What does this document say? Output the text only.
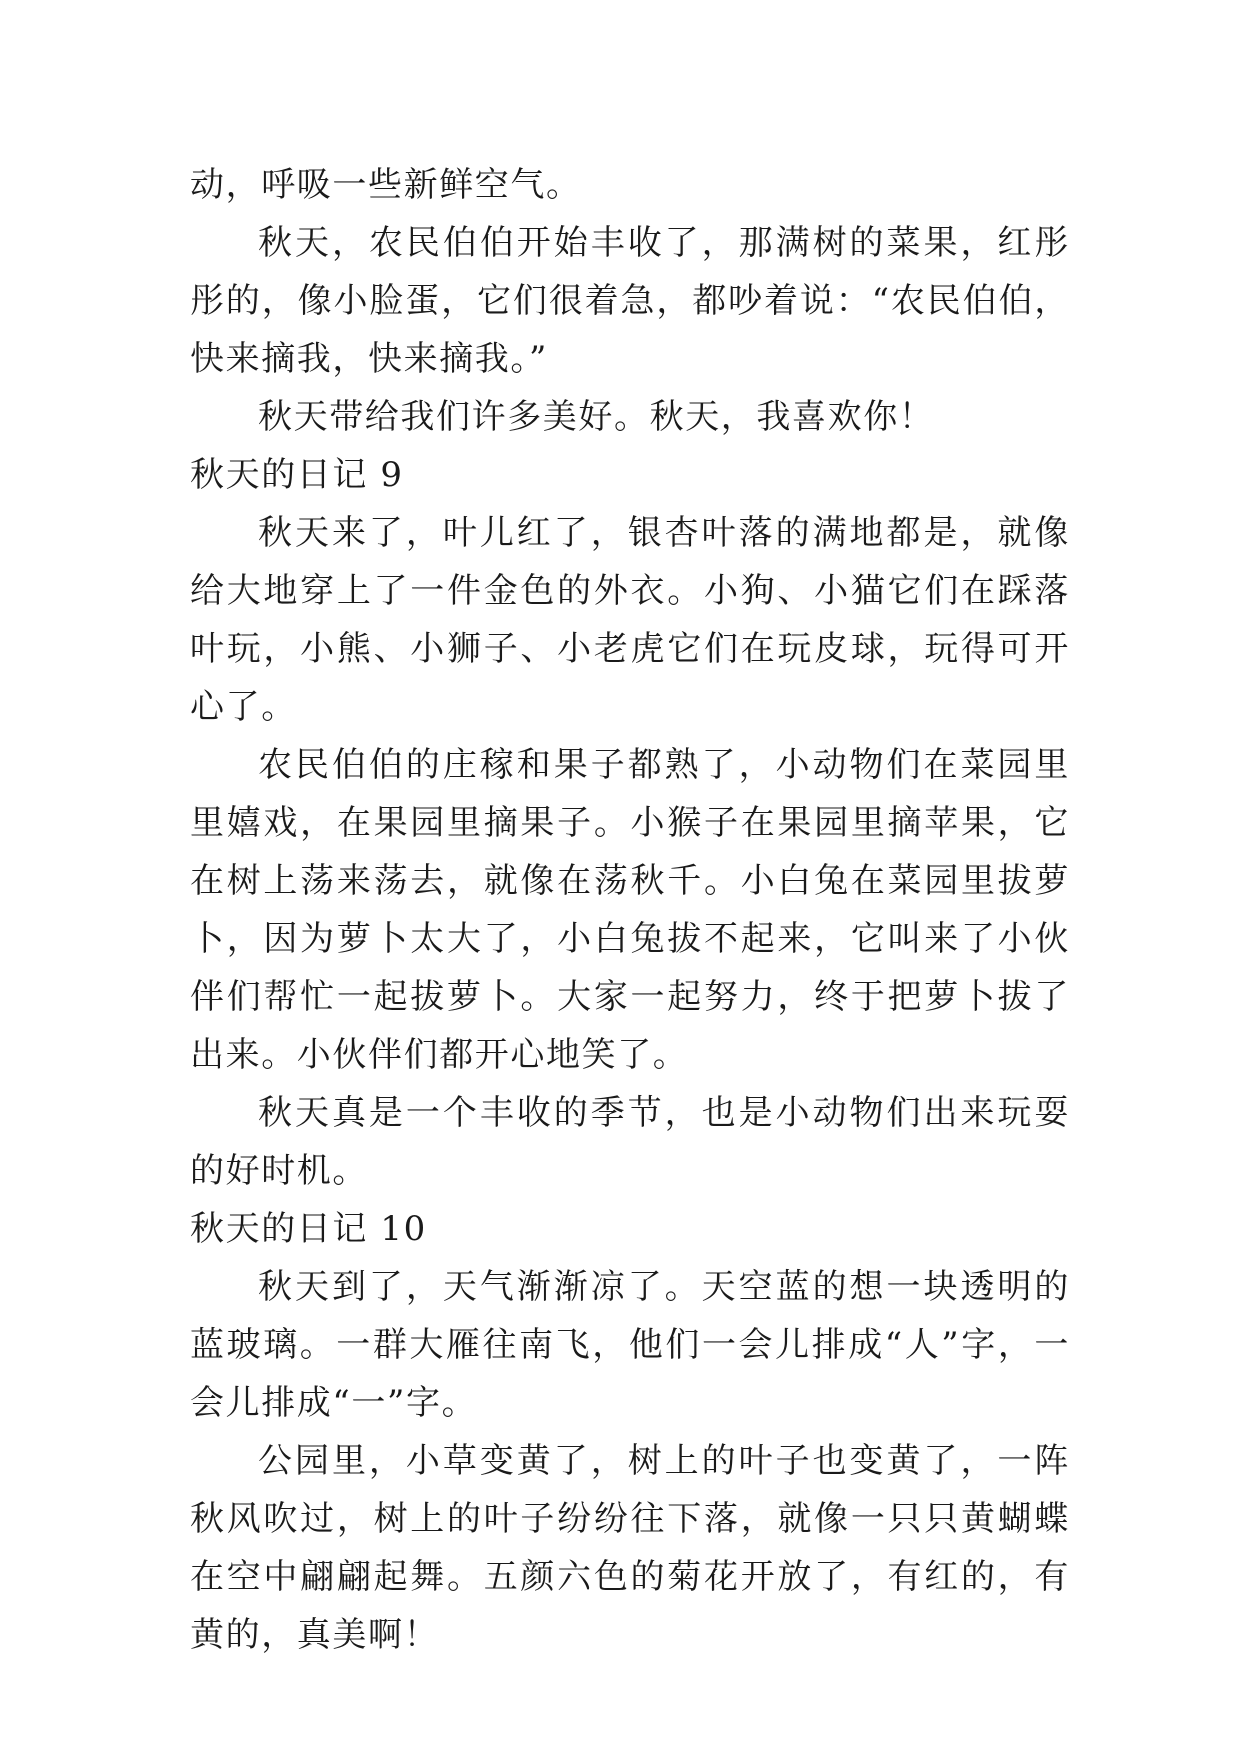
动，呼吸一些新鲜空气。

秋天，农民伯伯开始丰收了，那满树的菜果，红彤彤的，像小脸蛋，它们很着急，都吵着说：“农民伯伯，快来摘我，快来摘我。”

秋天带给我们许多美好。秋天，我喜欢你！

秋天的日记 9

秋天来了，叶儿红了，银杏叶落的满地都是，就像给大地穿上了一件金色的外衣。小狗、小猫它们在踩落叶玩，小熊、小狮子、小老虎它们在玩皮球，玩得可开心了。

农民伯伯的庄稼和果子都熟了，小动物们在菜园里里嬉戏，在果园里摘果子。小猴子在果园里摘苹果，它在树上荡来荡去，就像在荡秋千。小白兔在菜园里拔萝卜，因为萝卜太大了，小白兔拔不起来，它叫来了小伙伴们帮忙一起拔萝卜。大家一起努力，终于把萝卜拔了出来。小伙伴们都开心地笑了。

秋天真是一个丰收的季节，也是小动物们出来玩耍的好时机。

秋天的日记 10

秋天到了，天气渐渐凉了。天空蓝的想一块透明的蓝玻璃。一群大雁往南飞，他们一会儿排成“人”字，一会儿排成“一”字。

公园里，小草变黄了，树上的叶子也变黄了，一阵秋风吹过，树上的叶子纷纷往下落，就像一只只黄蝴蝶在空中翩翩起舞。五颜六色的菊花开放了，有红的，有黄的，真美啊！
